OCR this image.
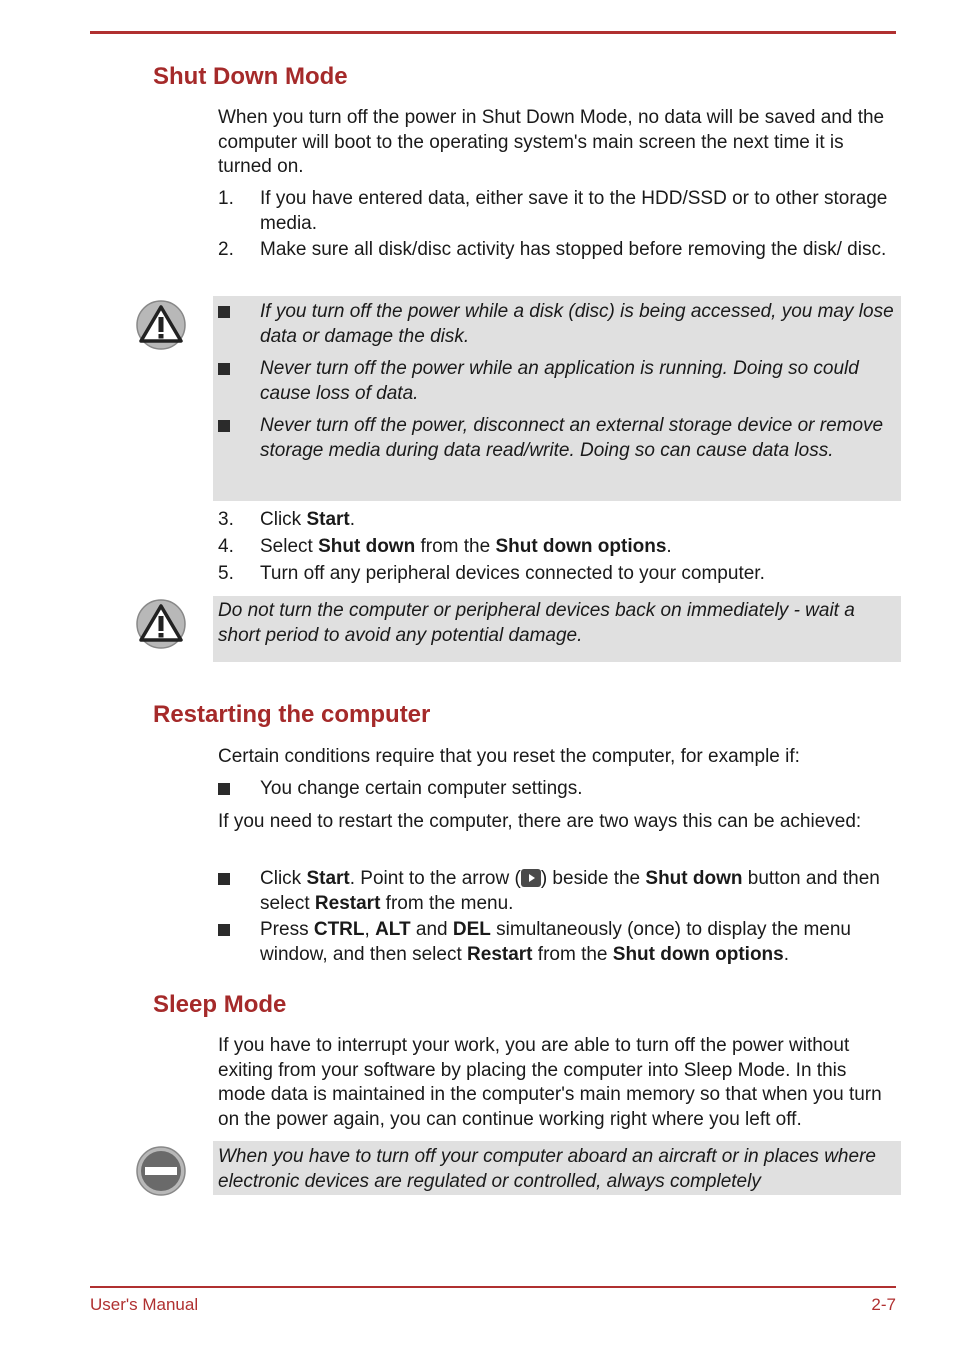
Shut Down Mode

When you turn off the power in Shut Down Mode, no data will be saved and the computer will boot to the operating system's main screen the next time it is turned on.

1. If you have entered data, either save it to the HDD/SSD or to other storage media.
2. Make sure all disk/disc activity has stopped before removing the disk/ disc.
If you turn off the power while a disk (disc) is being accessed, you may lose data or damage the disk.
Never turn off the power while an application is running. Doing so could cause loss of data.
Never turn off the power, disconnect an external storage device or remove storage media during data read/write. Doing so can cause data loss.
3. Click Start.
4. Select Shut down from the Shut down options.
5. Turn off any peripheral devices connected to your computer.
Do not turn the computer or peripheral devices back on immediately - wait a short period to avoid any potential damage.
Restarting the computer

Certain conditions require that you reset the computer, for example if:

You change certain computer settings.

If you need to restart the computer, there are two ways this can be achieved:

Click Start. Point to the arrow ( ) beside the Shut down button and then select Restart from the menu.
Press CTRL, ALT and DEL simultaneously (once) to display the menu window, and then select Restart from the Shut down options.
Sleep Mode

If you have to interrupt your work, you are able to turn off the power without exiting from your software by placing the computer into Sleep Mode. In this mode data is maintained in the computer's main memory so that when you turn on the power again, you can continue working right where you left off.

When you have to turn off your computer aboard an aircraft or in places where electronic devices are regulated or controlled, always completely
User's Manual	2-7
